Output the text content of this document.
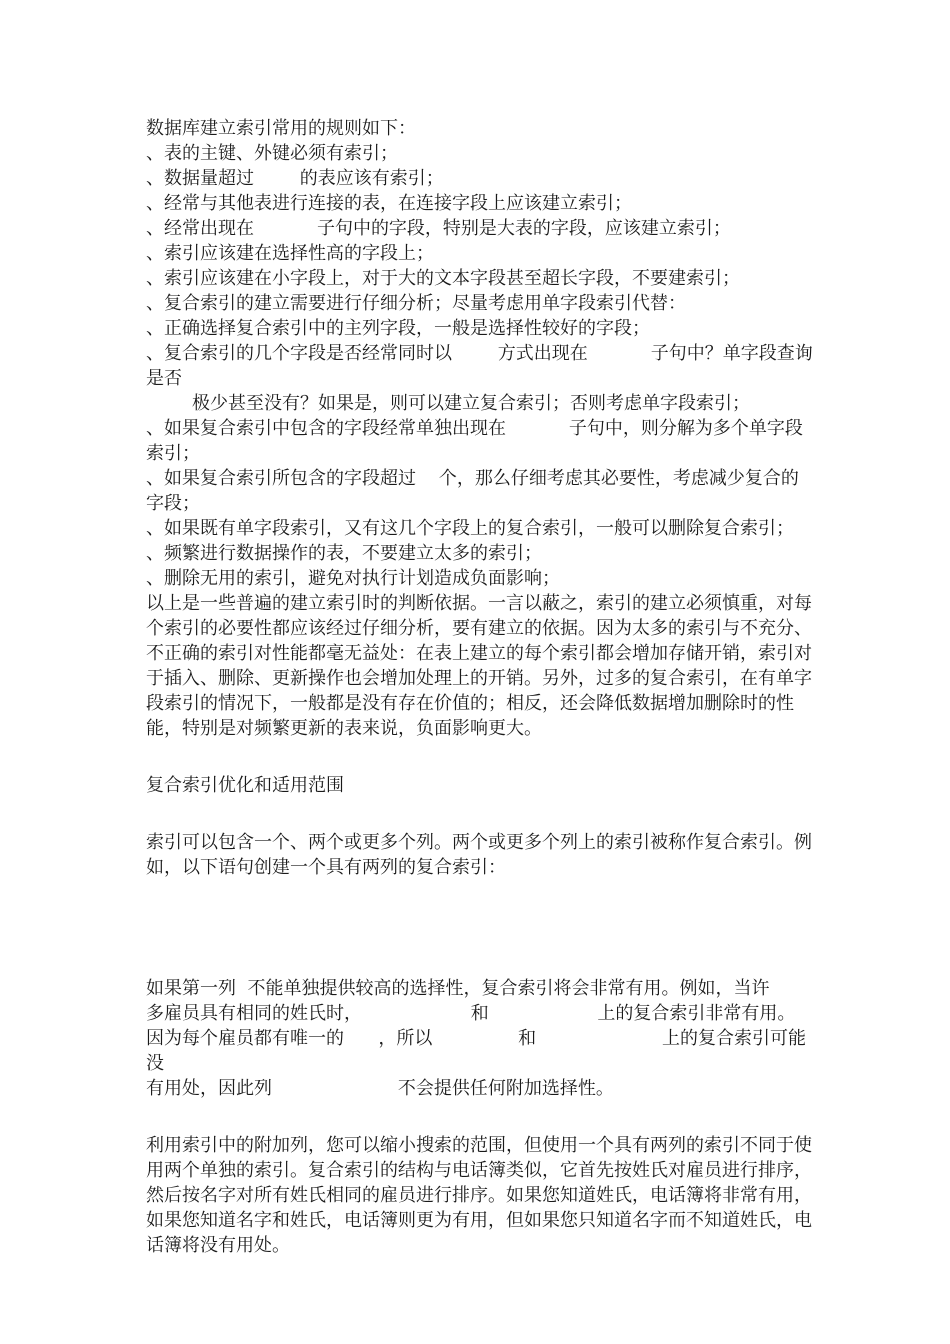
数据库建立索引常用的规则如下：

、表的主键、外键必须有索引；

、数据量超过        的表应该有索引；

、经常与其他表进行连接的表，在连接字段上应该建立索引；

、经常出现在           子句中的字段，特别是大表的字段，应该建立索引；

、索引应该建在选择性高的字段上；

、索引应该建在小字段上，对于大的文本字段甚至超长字段，不要建索引；

、复合索引的建立需要进行仔细分析；尽量考虑用单字段索引代替：

、正确选择复合索引中的主列字段，一般是选择性较好的字段；

、复合索引的几个字段是否经常同时以        方式出现在           子句中？单字段查询是否

极少甚至没有？如果是，则可以建立复合索引；否则考虑单字段索引；

、如果复合索引中包含的字段经常单独出现在           子句中，则分解为多个单字段索引；

、如果复合索引所包含的字段超过    个，那么仔细考虑其必要性，考虑减少复合的字段；

、如果既有单字段索引，又有这几个字段上的复合索引，一般可以删除复合索引；

、频繁进行数据操作的表，不要建立太多的索引；

、删除无用的索引，避免对执行计划造成负面影响；

以上是一些普遍的建立索引时的判断依据。一言以蔽之，索引的建立必须慎重，对每个索引的必要性都应该经过仔细分析，要有建立的依据。因为太多的索引与不充分、不正确的索引对性能都毫无益处：在表上建立的每个索引都会增加存储开销，索引对于插入、删除、更新操作也会增加处理上的开销。另外，过多的复合索引，在有单字段索引的情况下，一般都是没有存在价值的；相反，还会降低数据增加删除时的性能，特别是对频繁更新的表来说，负面影响更大。

复合索引优化和适用范围

索引可以包含一个、两个或更多个列。两个或更多个列上的索引被称作复合索引。例如，以下语句创建一个具有两列的复合索引：

如果第一列  不能单独提供较高的选择性，复合索引将会非常有用。例如，当许

多雇员具有相同的姓氏时，                   和                   上的复合索引非常有用。

因为每个雇员都有唯一的      ，所以               和                      上的复合索引可能没

有用处，因此列                      不会提供任何附加选择性。

利用索引中的附加列，您可以缩小搜索的范围，但使用一个具有两列的索引不同于使用两个单独的索引。复合索引的结构与电话簿类似，它首先按姓氏对雇员进行排序，然后按名字对所有姓氏相同的雇员进行排序。如果您知道姓氏，电话簿将非常有用，如果您知道名字和姓氏，电话簿则更为有用，但如果您只知道名字而不知道姓氏，电话簿将没有用处。
